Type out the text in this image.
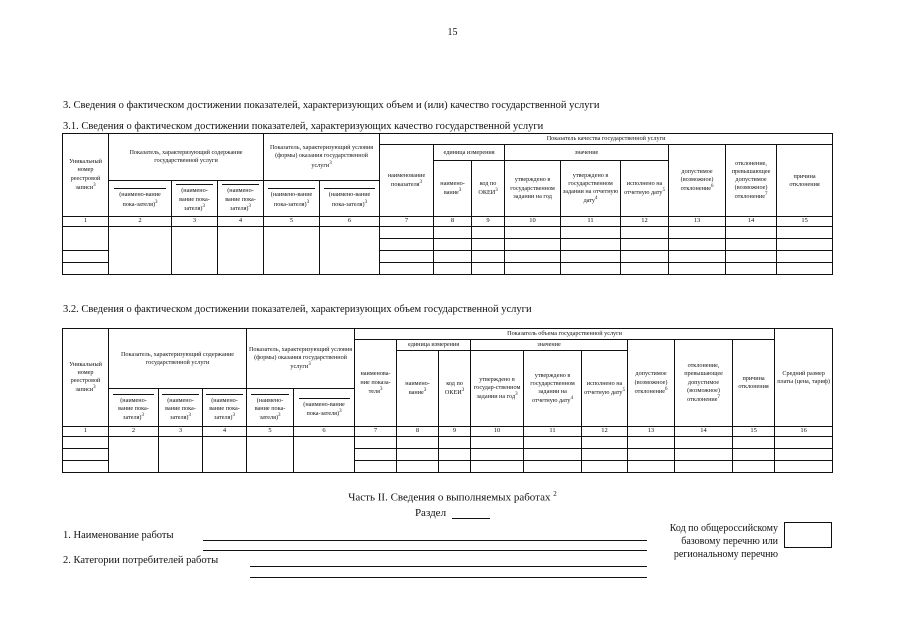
15
3. Сведения о фактическом достижении показателей, характеризующих объем и (или) качество государственной услуги
3.1. Сведения о фактическом достижении показателей, характеризующих качество государственной услуги
Уникальный номер реестровой записи$^3$	Показатель, характеризующий содержание государственной услуги			Показатель, характеризующий условия (формы) оказания государственной услуги$^3$		Показатель качества государственной услуги								
						наименование показателя$^3$	единица измерения		значение			допустимое (возможное) отклонение$^6$	отклонение, превышающее допустимое (возможное) отклонение$^7$	причина отклонения
							наимено-вание$^3$	код по ОКЕИ$^3$	утверждено в государственном задании на год	утверждено в государственном задании на отчетную дату$^4$	исполнено на отчетную дату$^5$
	(наимено-вание пока-зателя)$^3$	(наимено-вание пока-зателя)$^3$	(наимено-вание пока-зателя)$^3$	(наимено-вание пока-зателя)$^3$	(наимено-вание пока-зателя)$^3$
1	2	3	4	5	6	7	8	9	10	11	12	13	14	15

3.2. Сведения о фактическом достижении показателей, характеризующих объем государственной услуги
Уникальный номер реестровой записи$^3$	Показатель, характеризующий содержание государственной услуги			Показатель, характеризующий условия (формы) оказания государственной услуги$^3$		Показатель объема государственной услуги									Средний размер платы (цена, тариф)
						наименова-ние показа-теля$^3$	единица измерения		значение			допустимое (возможное) отклонение$^6$	отклонение, превышающее допустимое (возможное) отклонение$^7$	причина отклонения	
							наимено-вание$^3$	код по ОКЕИ$^3$	утверждено в государ-ственном задании на год$^3$	утверждено в государственном задании на отчетную дату$^4$	исполнено на отчетную дату$^5$
	(наимено-вание пока-зателя)$^3$	(наимено-вание пока-зателя)$^3$	(наимено-вание пока-зателя)$^3$	(наимено-вание пока-зателя)$^3$	(наимено-вание пока-зателя)$^3$
1	2	3	4	5	6	7	8	9	10	11	12	13	14	15	16

Часть II. Сведения о выполняемых работах $^2$
Раздел
1. Наименование работы
2. Категории потребителей работы
Код по общероссийскому базовому перечню или региональному перечню
